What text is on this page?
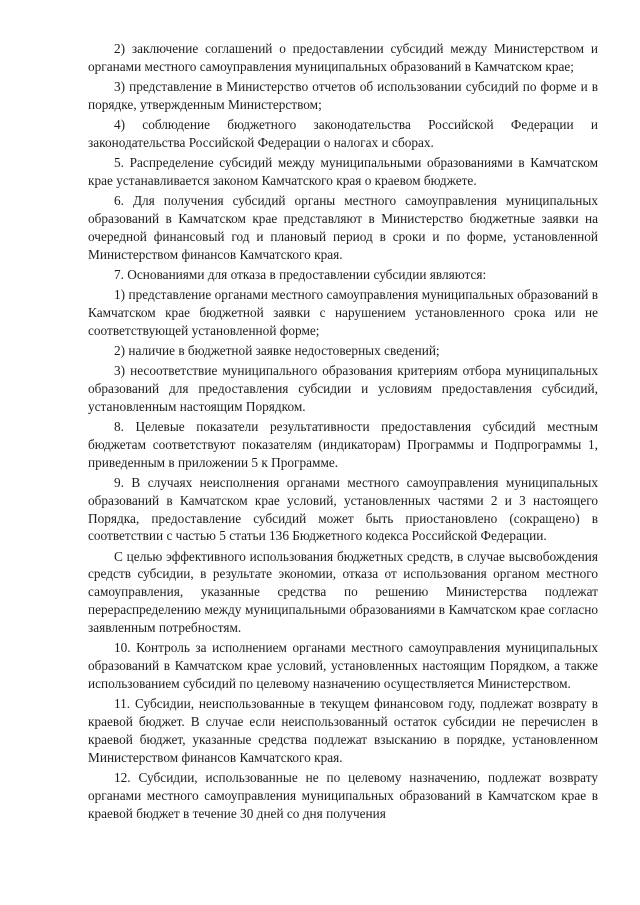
2) заключение соглашений о предоставлении субсидий между Министерством и органами местного самоуправления муниципальных образований в Камчатском крае;

3) представление в Министерство отчетов об использовании субсидий по форме и в порядке, утвержденным Министерством;

4) соблюдение бюджетного законодательства Российской Федерации и законодательства Российской Федерации о налогах и сборах.

5. Распределение субсидий между муниципальными образованиями в Камчатском крае устанавливается законом Камчатского края о краевом бюджете.

6. Для получения субсидий органы местного самоуправления муниципальных образований в Камчатском крае представляют в Министерство бюджетные заявки на очередной финансовый год и плановый период в сроки и по форме, установленной Министерством финансов Камчатского края.

7. Основаниями для отказа в предоставлении субсидии являются:

1) представление органами местного самоуправления муниципальных образований в Камчатском крае бюджетной заявки с нарушением установленного срока или не соответствующей установленной форме;

2) наличие в бюджетной заявке недостоверных сведений;

3) несоответствие муниципального образования критериям отбора муниципальных образований для предоставления субсидии и условиям предоставления субсидий, установленным настоящим Порядком.

8. Целевые показатели результативности предоставления субсидий местным бюджетам соответствуют показателям (индикаторам) Программы и Подпрограммы 1, приведенным в приложении 5 к Программе.

9. В случаях неисполнения органами местного самоуправления муниципальных образований в Камчатском крае условий, установленных частями 2 и 3 настоящего Порядка, предоставление субсидий может быть приостановлено (сокращено) в соответствии с частью 5 статьи 136 Бюджетного кодекса Российской Федерации.

С целью эффективного использования бюджетных средств, в случае высвобождения средств субсидии, в результате экономии, отказа от использования органом местного самоуправления, указанные средства по решению Министерства подлежат перераспределению между муниципальными образованиями в Камчатском крае согласно заявленным потребностям.

10. Контроль за исполнением органами местного самоуправления муниципальных образований в Камчатском крае условий, установленных настоящим Порядком, а также использованием субсидий по целевому назначению осуществляется Министерством.

11. Субсидии, неиспользованные в текущем финансовом году, подлежат возврату в краевой бюджет. В случае если неиспользованный остаток субсидии не перечислен в краевой бюджет, указанные средства подлежат взысканию в порядке, установленном Министерством финансов Камчатского края.

12. Субсидии, использованные не по целевому назначению, подлежат возврату органами местного самоуправления муниципальных образований в Камчатском крае в краевой бюджет в течение 30 дней со дня получения
